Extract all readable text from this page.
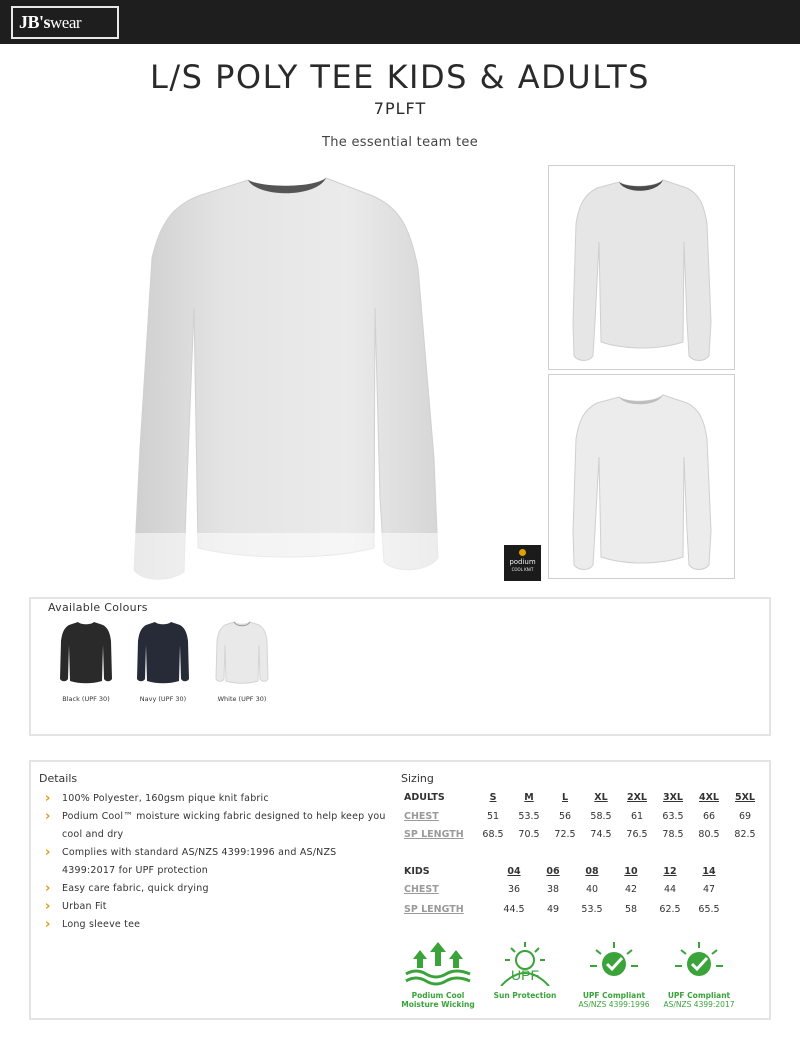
JB'swear
L/S POLY TEE KIDS & ADULTS
7PLFT
The essential team tee
podium
COOL KNIT
Available Colours
Black (UPF 30)	Navy (UPF 30)	White (UPF 30)
Details
› 100% Polyester, 160gsm pique knit fabric
› Podium Cool™ moisture wicking fabric designed to help keep you cool and dry
› Complies with standard AS/NZS 4399:1996 and AS/NZS 4399:2017 for UPF protection
› Easy care fabric, quick drying
› Urban Fit
› Long sleeve tee
Sizing
ADULTS	S	M	L	XL	2XL	3XL	4XL	5XL
CHEST	51	53.5	56	58.5	61	63.5	66	69
SP LENGTH	68.5	70.5	72.5	74.5	76.5	78.5	80.5	82.5
KIDS	04	06	08	10	12	14
CHEST	36	38	40	42	44	47
SP LENGTH	44.5	49	53.5	58	62.5	65.5
Podium Cool
Moisture Wicking
UPF
Sun Protection	UPF Compliant
AS/NZS 4399:1996
UPF Compliant
AS/NZS 4399:2017
